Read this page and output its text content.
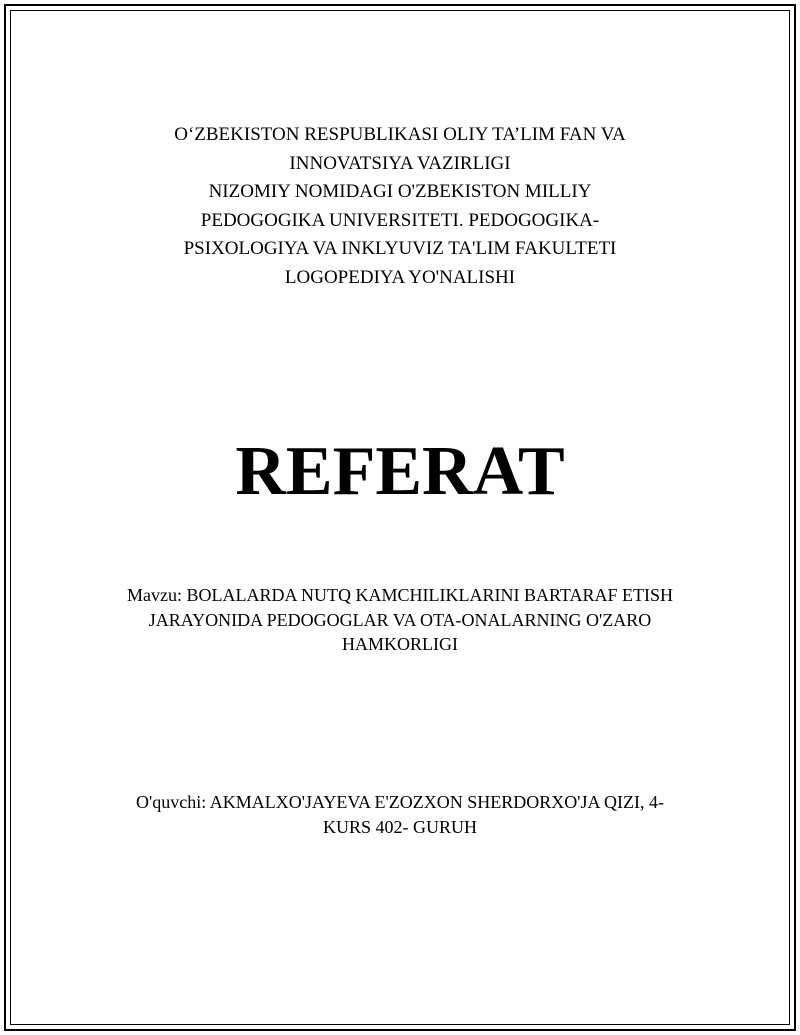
O‘ZBEKISTON RESPUBLIKASI OLIY TA’LIM FAN VA
INNOVATSIYA VAZIRLIGI
NIZOMIY NOMIDAGI O'ZBEKISTON MILLIY
PEDOGOGIKA UNIVERSITETI. PEDOGOGIKA-
PSIXOLOGIYA VA INKLYUVIZ TA'LIM FAKULTETI
LOGOPEDIYA YO'NALISHI
REFERAT
Mavzu: BOLALARDA NUTQ KAMCHILIKLARINI BARTARAF ETISH
JARAYONIDA PEDOGOGLAR VA OTA-ONALARNING O'ZARO
HAMKORLIGI
O'quvchi: AKMALXO'JAYEVA E'ZOZXON SHERDORXO'JA QIZI, 4-
KURS 402- GURUH
